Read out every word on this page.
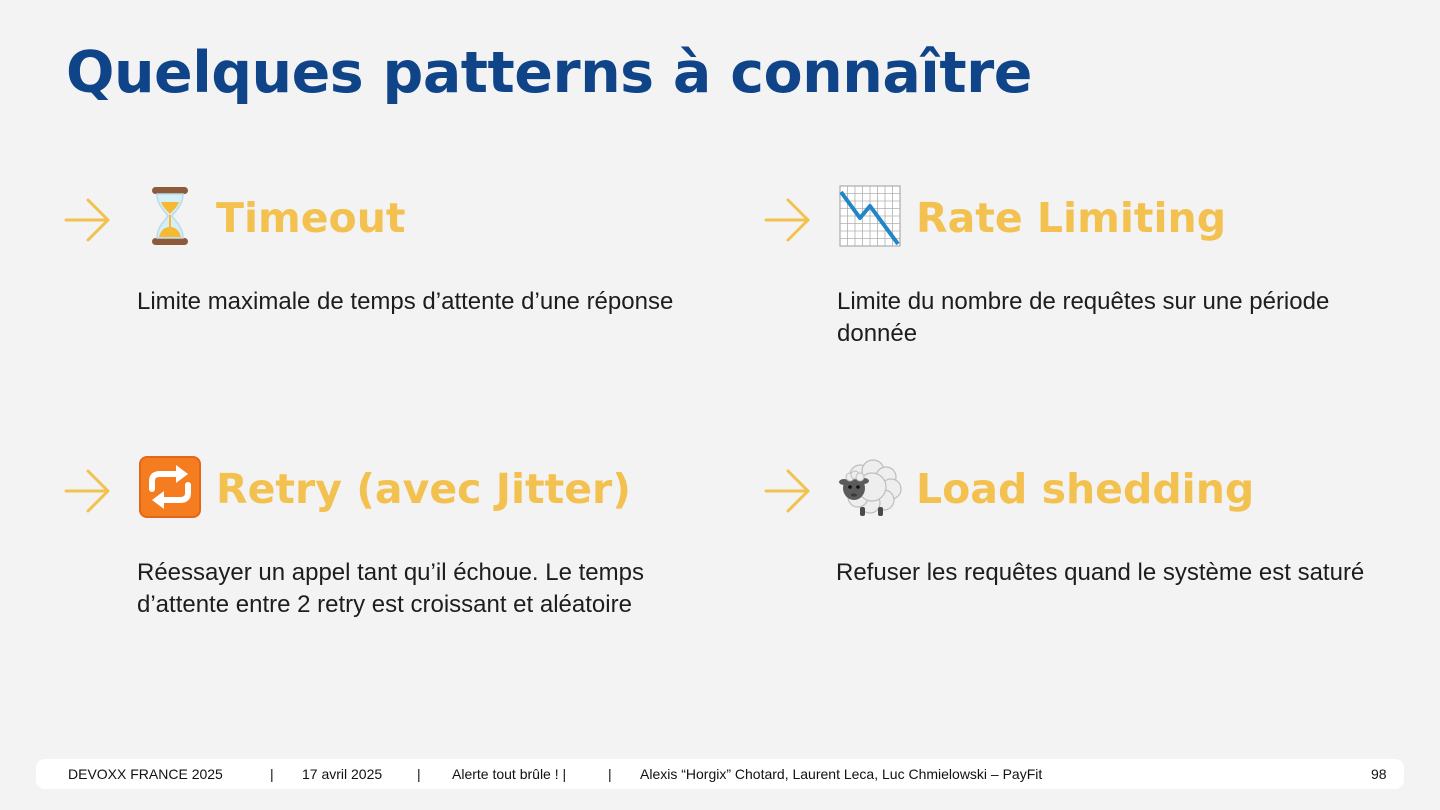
Quelques patterns à connaître
Timeout

Limite maximale de temps d’attente d’une réponse

Rate Limiting

Limite du nombre de requêtes sur une période donnée

Retry (avec Jitter)

Réessayer un appel tant qu’il échoue. Le temps d’attente entre 2 retry est croissant et aléatoire

Load shedding

Refuser les requêtes quand le système est saturé

DEVOXX FRANCE 2025	| 17 avril 2025 | Alerte tout brûle ! |	| Alexis “Horgix” Chotard, Laurent Leca, Luc Chmielowski – PayFit	98
